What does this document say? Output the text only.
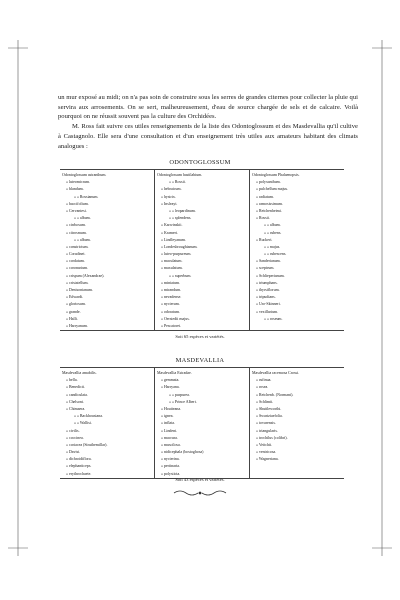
un mur exposé au midi; on n'a pas soin de construire sous les serres de grandes citernes pour collecter la pluie qui servira aux arrosements. On se sert, malheureusement, d'eau de source chargée de sels et de calcaire. Voilà pourquoi on ne réussit souvent pas la culture des Orchidées.

M. Ross fait suivre ces utiles renseignements de la liste des Odontoglossum et des Masdevallia qu'il cultive à Castagnolo. Elle sera d'une consultation et d'un enseignement très utiles aux amateurs habitant des climats analogues :

ODONTOGLOSSUM
Odontoglossum astranthum.
» luteomicrum.
» blandum.
» » Rossianum.
» baccifolium.
» Cervantesi.
» » album.
» cirrhosum.
» citrosmum.
» » album.
» constrictum.
» Coradinei.
» cordatum.
» coronarium.
» crispum (Alexandrae).
» cristatellum.
» Denisonianum.
» Edwardi.
» gloriosum.
» grande.
» Halli.
» Harryanum.
Odontoglossum hastilabium.
» » Rossii.
» hebraicum.
» hystrix.
» Insleayi.
» » leopardinum.
» » splendens.
» Karwinskii.
» Krameri.
» Lindleyanum.
» Londesbroughianum.
» luteo-purpureum.
» maculatum.
» maxulatum.
» » superbum.
» miniatum.
» mirandum.
» nevadense.
» nycterum.
» odoratum.
» Oerstedii majus.
» Pescatorei.
Odontoglossum Phalaenopsis.
» polyxanthum.
» pulchellum majus.
» radiatum.
» ramosissimum.
» Reichenheimi.
» Rossii.
» » album.
» » rubens.
» Ruckeri.
» » majus.
» » rubescens.
» Sanderianum.
» sceptrum.
» Schlieperianum.
» triumphans.
» thyrsiflorum.
» tripudians.
» Uro-Skinneri.
» vexillarium.
» » roseum.
Soit 65 espèces et variétés.
MASDEVALLIA
Masdevallia amabilis.
» bella.
» Benedicti.
» candiculata.
» Chelsoni.
» Chimaera.
» » Backhousiana.
» » Wallisi.
» civilis.
» coccinea.
» coriacea (Struthemillar).
» Davisi.
» dichroidiflora.
» elephanticeps.
» erythrochaete.
Masdevallia Estradae.
» gemmata.
» Harryana.
» » purpurea.
» » Prince Albert.
» Houtteana.
» ignea.
» inflata.
» Lindeni.
» macrura.
» muscilosa.
» nidicephala (bostoghosa)
» nycterina.
» pertinaria.
» polysticta.
Masdevallia racemosa Crossi.
» rufinua.
» rosea.
» Reichenb. (Normani).
» Schlimii.
» Shuttleworthi.
» Swartziaefolia.
» tovarensis.
» triangularis.
» trochilus (colibri).
» Veitchii.
» ventricosa.
» Wagneriana.
Soit 43 espèces et variétés.
